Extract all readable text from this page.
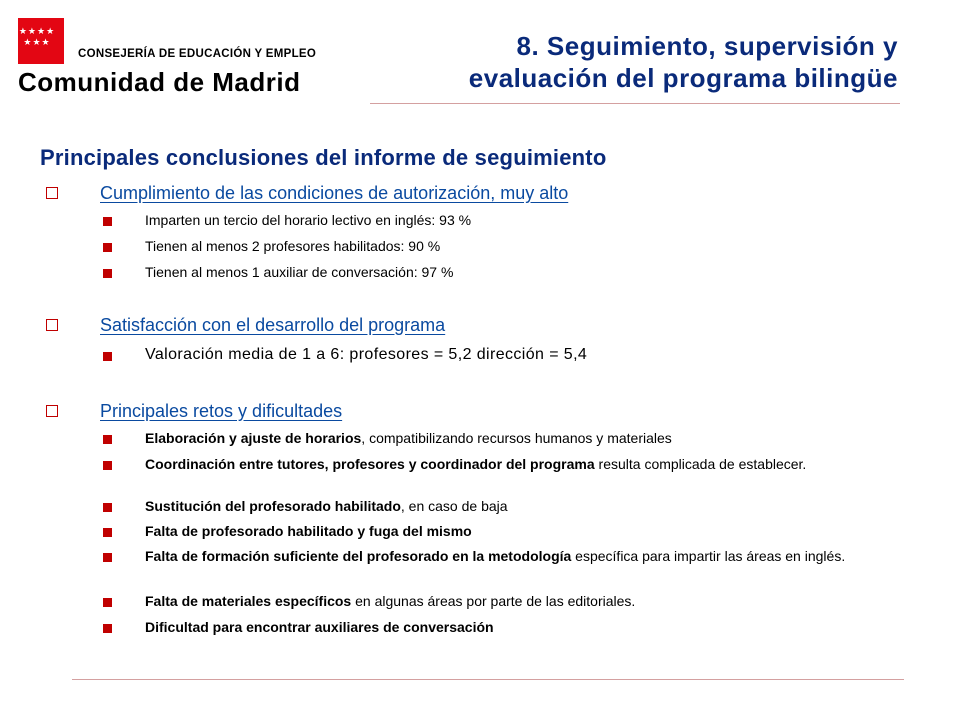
★★★★
★★★
CONSEJERÍA DE EDUCACIÓN Y EMPLEO
Comunidad de Madrid
8. Seguimiento, supervisión y
evaluación del programa bilingüe
Principales conclusiones del informe de seguimiento
Cumplimiento de las condiciones de autorización, muy alto
Imparten un tercio del horario lectivo en inglés: 93 %
Tienen al menos 2 profesores habilitados: 90 %
Tienen al menos 1 auxiliar de conversación: 97 %
Satisfacción con el desarrollo del programa
Valoración media de 1 a 6: profesores = 5,2 dirección = 5,4
Principales retos y dificultades
Elaboración y ajuste de horarios, compatibilizando recursos humanos y materiales
Coordinación entre tutores, profesores y coordinador del programa resulta complicada de establecer.
Sustitución del profesorado habilitado, en caso de baja
Falta de profesorado habilitado y fuga del mismo
Falta de formación suficiente del profesorado en la metodología específica para impartir las áreas en inglés.
Falta de materiales específicos en algunas áreas por parte de las editoriales.
Dificultad para encontrar auxiliares de conversación
